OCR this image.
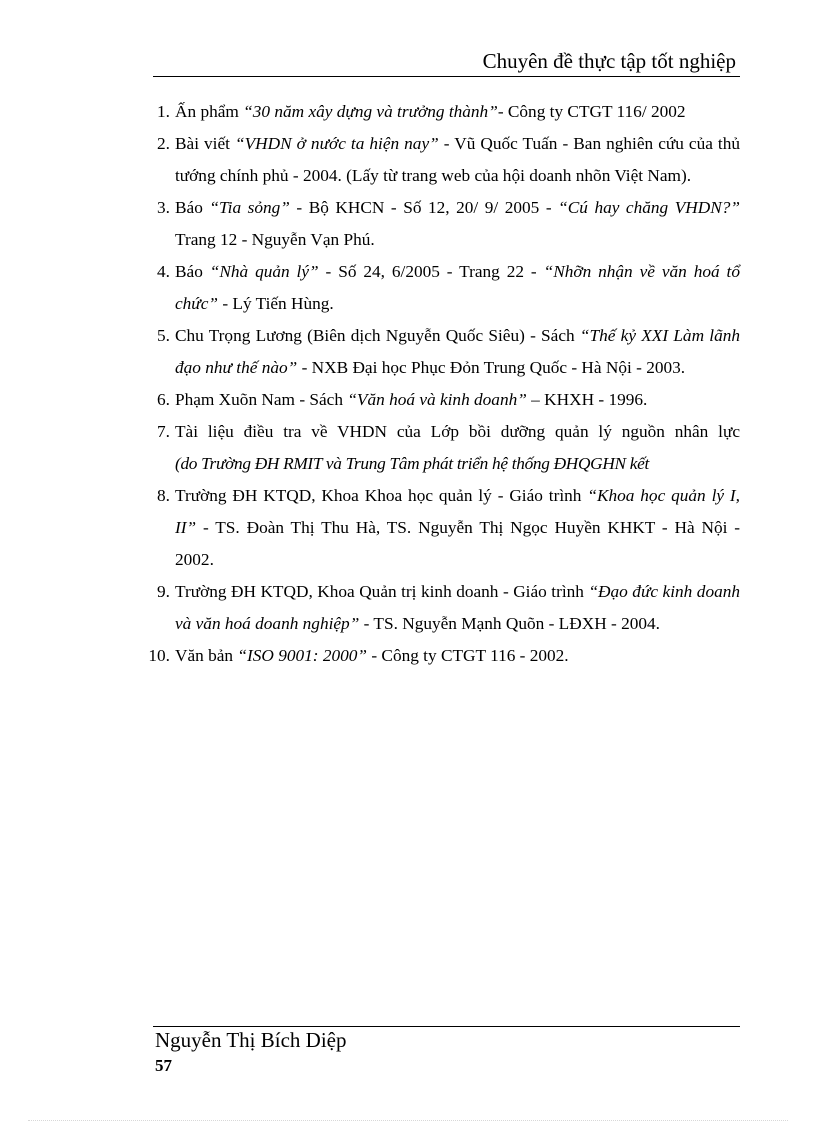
Chuyên đề thực tập tốt nghiệp
1. Ấn phẩm “30 năm xây dựng và trưởng thành”- Công ty CTGT 116/ 2002
2. Bài viết “VHDN ở nước ta hiện nay” - Vũ Quốc Tuấn - Ban nghiên cứu của thủ tướng chính phủ - 2004. (Lấy từ trang web của hội doanh nhõn Việt Nam).
3. Báo “Tia sỏng” - Bộ KHCN - Số 12, 20/ 9/ 2005 - “Cú hay chăng VHDN?” Trang 12 - Nguyễn Vạn Phú.
4. Báo “Nhà quản lý” - Số 24, 6/2005 - Trang 22 - “Nhỡn nhận về văn hoá tổ chức” - Lý Tiến Hùng.
5. Chu Trọng Lương (Biên dịch Nguyễn Quốc Siêu) - Sách “Thế kỷ XXI Làm lãnh đạo như thế nào” - NXB Đại học Phục Đỏn Trung Quốc - Hà Nội - 2003.
6. Phạm Xuõn Nam - Sách “Văn hoá và kinh doanh” – KHXH - 1996.
7. Tài liệu điều tra về VHDN của Lớp bồi dưỡng quản lý nguồn nhân lực (do Trường ĐH RMIT và Trung Tâm phát triển hệ thống ĐHQGHN kết
8. Trường ĐH KTQD, Khoa Khoa học quản lý - Giáo trình “Khoa học quản lý I, II” - TS. Đoàn Thị Thu Hà, TS. Nguyễn Thị Ngọc Huyền KHKT - Hà Nội - 2002.
9. Trường ĐH KTQD, Khoa Quản trị kinh doanh - Giáo trình “Đạo đức kinh doanh và văn hoá doanh nghiệp” - TS. Nguyễn Mạnh Quõn - LĐXH - 2004.
10. Văn bản “ISO 9001: 2000” - Công ty CTGT 116 - 2002.
Nguyễn Thị Bích Diệp
57
